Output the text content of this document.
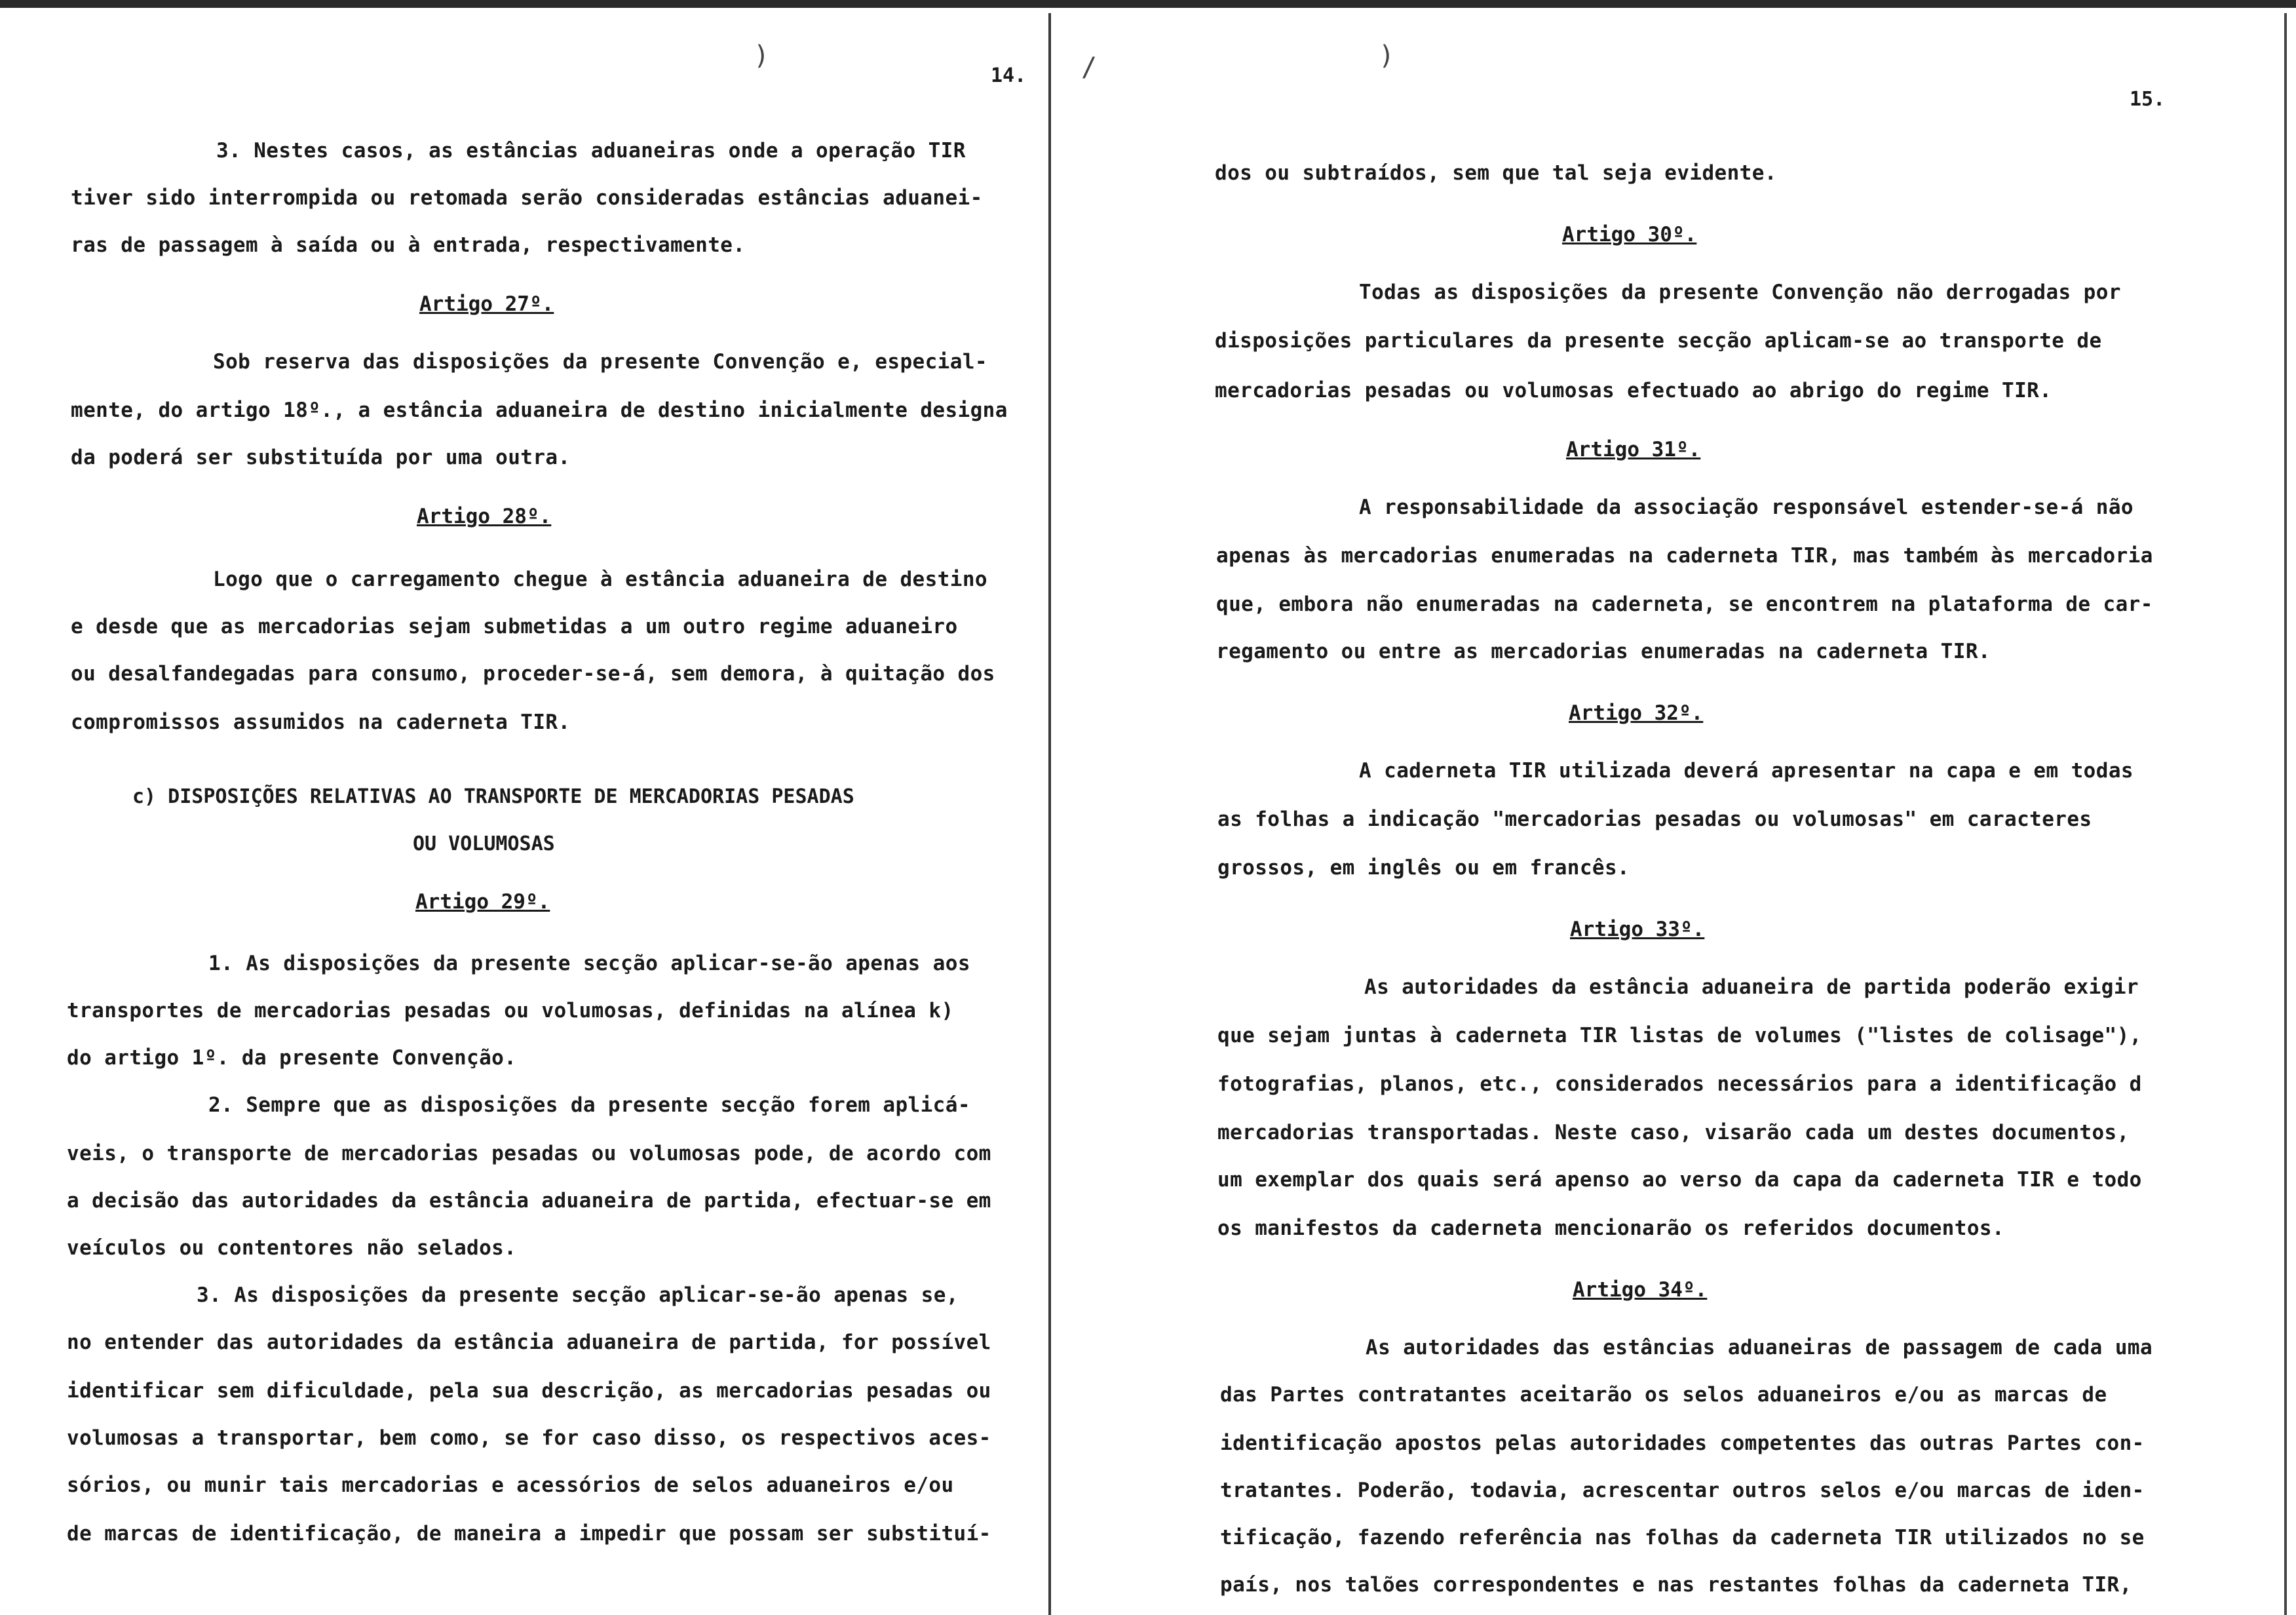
14.
)	/
3. Nestes casos, as estâncias aduaneiras onde a operação TIR
tiver sido interrompida ou retomada serão consideradas estâncias aduanei-
ras de passagem à saída ou à entrada, respectivamente.
Artigo 27º.
Sob reserva das disposições da presente Convenção e, especial-
mente, do artigo 18º., a estância aduaneira de destino inicialmente designa
da poderá ser substituída por uma outra.
Artigo 28º.
Logo que o carregamento chegue à estância aduaneira de destino
e desde que as mercadorias sejam submetidas a um outro regime aduaneiro
ou desalfandegadas para consumo, proceder-se-á, sem demora, à quitação dos
compromissos assumidos na caderneta TIR.
c) DISPOSIÇÕES RELATIVAS AO TRANSPORTE DE MERCADORIAS PESADAS
OU VOLUMOSAS
Artigo 29º.
1. As disposições da presente secção aplicar-se-ão apenas aos
transportes de mercadorias pesadas ou volumosas, definidas na alínea k)
do artigo 1º. da presente Convenção.
2. Sempre que as disposições da presente secção forem aplicá-
veis, o transporte de mercadorias pesadas ou volumosas pode, de acordo com
a decisão das autoridades da estância aduaneira de partida, efectuar-se em
veículos ou contentores não selados.
3. As disposições da presente secção aplicar-se-ão apenas se,
no entender das autoridades da estância aduaneira de partida, for possível
identificar sem dificuldade, pela sua descrição, as mercadorias pesadas ou
volumosas a transportar, bem como, se for caso disso, os respectivos aces-
sórios, ou munir tais mercadorias e acessórios de selos aduaneiros e/ou
de marcas de identificação, de maneira a impedir que possam ser substituí-
15.
)
dos ou subtraídos, sem que tal seja evidente.
Artigo 30º.
Todas as disposições da presente Convenção não derrogadas por
disposições particulares da presente secção aplicam-se ao transporte de
mercadorias pesadas ou volumosas efectuado ao abrigo do regime TIR.
Artigo 31º.
A responsabilidade da associação responsável estender-se-á não
apenas às mercadorias enumeradas na caderneta TIR, mas também às mercadoria
que, embora não enumeradas na caderneta, se encontrem na plataforma de car-
regamento ou entre as mercadorias enumeradas na caderneta TIR.
Artigo 32º.
A caderneta TIR utilizada deverá apresentar na capa e em todas
as folhas a indicação "mercadorias pesadas ou volumosas" em caracteres
grossos, em inglês ou em francês.
Artigo 33º.
As autoridades da estância aduaneira de partida poderão exigir
que sejam juntas à caderneta TIR listas de volumes ("listes de colisage"),
fotografias, planos, etc., considerados necessários para a identificação d
mercadorias transportadas. Neste caso, visarão cada um destes documentos,
um exemplar dos quais será apenso ao verso da capa da caderneta TIR e todo
os manifestos da caderneta mencionarão os referidos documentos.
Artigo 34º.
As autoridades das estâncias aduaneiras de passagem de cada uma
das Partes contratantes aceitarão os selos aduaneiros e/ou as marcas de
identificação apostos pelas autoridades competentes das outras Partes con-
tratantes. Poderão, todavia, acrescentar outros selos e/ou marcas de iden-
tificação, fazendo referência nas folhas da caderneta TIR utilizados no se
país, nos talões correspondentes e nas restantes folhas da caderneta TIR,
